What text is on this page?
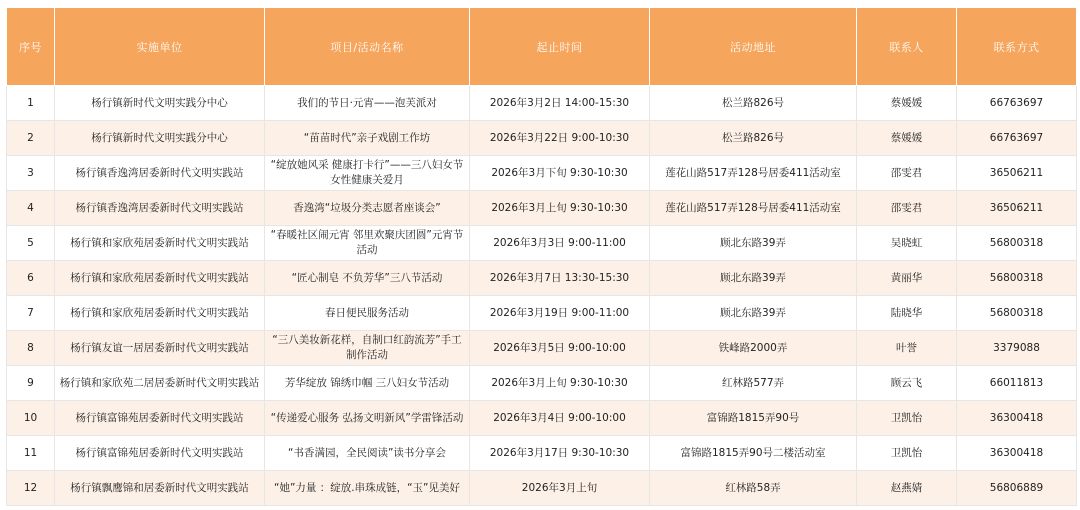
序号	实施单位	项目/活动名称	起止时间	活动地址	联系人	联系方式
1	杨行镇新时代文明实践分中心	我们的节日·元宵——泡芙派对	2026年3月2日 14:00-15:30	松兰路826号	蔡媛媛	66763697
2	杨行镇新时代文明实践分中心	“苗苗时代”亲子戏剧工作坊	2026年3月22日 9:00-10:30	松兰路826号	蔡媛媛	66763697
3	杨行镇香逸湾居委新时代文明实践站	“绽放她风采 健康打卡行”——三八妇女节女性健康关爱月	2026年3月下旬 9:30-10:30	莲花山路517弄128号居委411活动室	邵雯君	36506211
4	杨行镇香逸湾居委新时代文明实践站	香逸湾“垃圾分类志愿者座谈会”	2026年3月上旬 9:30-10:30	莲花山路517弄128号居委411活动室	邵雯君	36506211
5	杨行镇和家欣苑居委新时代文明实践站	“春暖社区闹元宵 邻里欢聚庆团圆”元宵节活动	2026年3月3日 9:00-11:00	顾北东路39弄	吴晓虹	56800318
6	杨行镇和家欣苑居委新时代文明实践站	“匠心制皂 不负芳华”三八节活动	2026年3月7日 13:30-15:30	顾北东路39弄	黄丽华	56800318
7	杨行镇和家欣苑居委新时代文明实践站	春日便民服务活动	2026年3月19日 9:00-11:00	顾北东路39弄	陆晓华	56800318
8	杨行镇友谊一居居委新时代文明实践站	“三八美妆新花样，自制口红韵流芳”手工制作活动	2026年3月5日 9:00-10:00	铁峰路2000弄	叶誉	3379088
9	杨行镇和家欣苑二居居委新时代文明实践站	芳华绽放 锦绣巾帼 三八妇女节活动	2026年3月上旬 9:30-10:30	红林路577弄	顾云飞	66011813
10	杨行镇富锦苑居委新时代文明实践站	“传递爱心服务 弘扬文明新风”学雷锋活动	2026年3月4日 9:00-10:00	富锦路1815弄90号	卫凯怡	36300418
11	杨行镇富锦苑居委新时代文明实践站	“书香满园，全民阅读”读书分享会	2026年3月17日 9:30-10:30	富锦路1815弄90号二楼活动室	卫凯怡	36300418
12	杨行镇飘鹰锦和居委新时代文明实践站	“她”力量 ：绽放.串珠成链，“玉”见美好	2026年3月上旬	红林路58弄	赵燕婧	56806889
